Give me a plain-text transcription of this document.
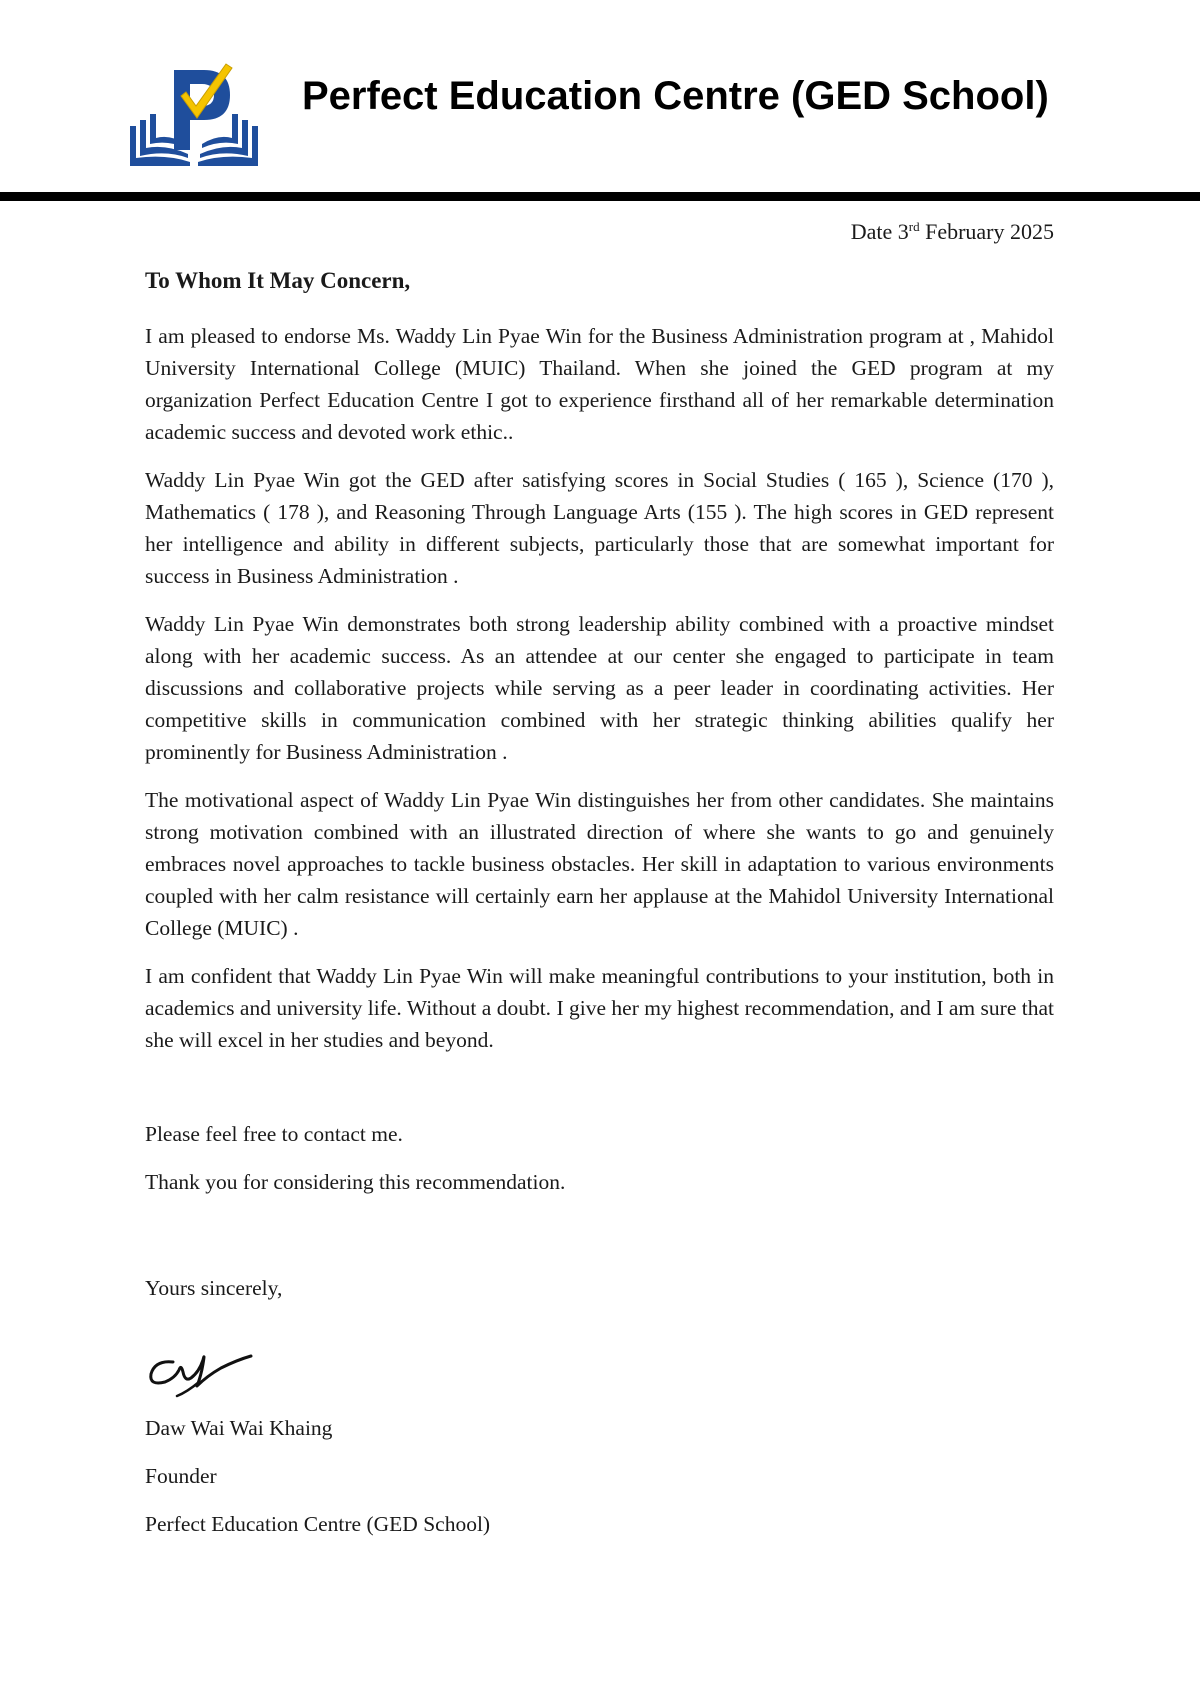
Perfect Education Centre (GED School)
Date 3rd February 2025
To Whom It May Concern,

I am pleased to endorse Ms. Waddy Lin Pyae Win for the Business Administration program at , Mahidol University International College (MUIC) Thailand. When she joined the GED program at my organization Perfect Education Centre I got to experience firsthand all of her remarkable determination academic success and devoted work ethic..

Waddy Lin Pyae Win got the GED after satisfying scores in Social Studies ( 165 ), Science (170 ), Mathematics ( 178 ), and Reasoning Through Language Arts (155 ). The high scores in GED represent her intelligence and ability in different subjects, particularly those that are somewhat important for success in Business Administration .

Waddy Lin Pyae Win demonstrates both strong leadership ability combined with a proactive mindset along with her academic success. As an attendee at our center she engaged to participate in team discussions and collaborative projects while serving as a peer leader in coordinating activities. Her competitive skills in communication combined with her strategic thinking abilities qualify her prominently for Business Administration .

The motivational aspect of Waddy Lin Pyae Win distinguishes her from other candidates. She maintains strong motivation combined with an illustrated direction of where she wants to go and genuinely embraces novel approaches to tackle business obstacles. Her skill in adaptation to various environments coupled with her calm resistance will certainly earn her applause at the Mahidol University International College (MUIC) .

I am confident that Waddy Lin Pyae Win will make meaningful contributions to your institution, both in academics and university life. Without a doubt. I give her my highest recommendation, and I am sure that she will excel in her studies and beyond.

Please feel free to contact me.
Thank you for considering this recommendation.
Yours sincerely,
Daw Wai Wai Khaing
Founder
Perfect Education Centre (GED School)
